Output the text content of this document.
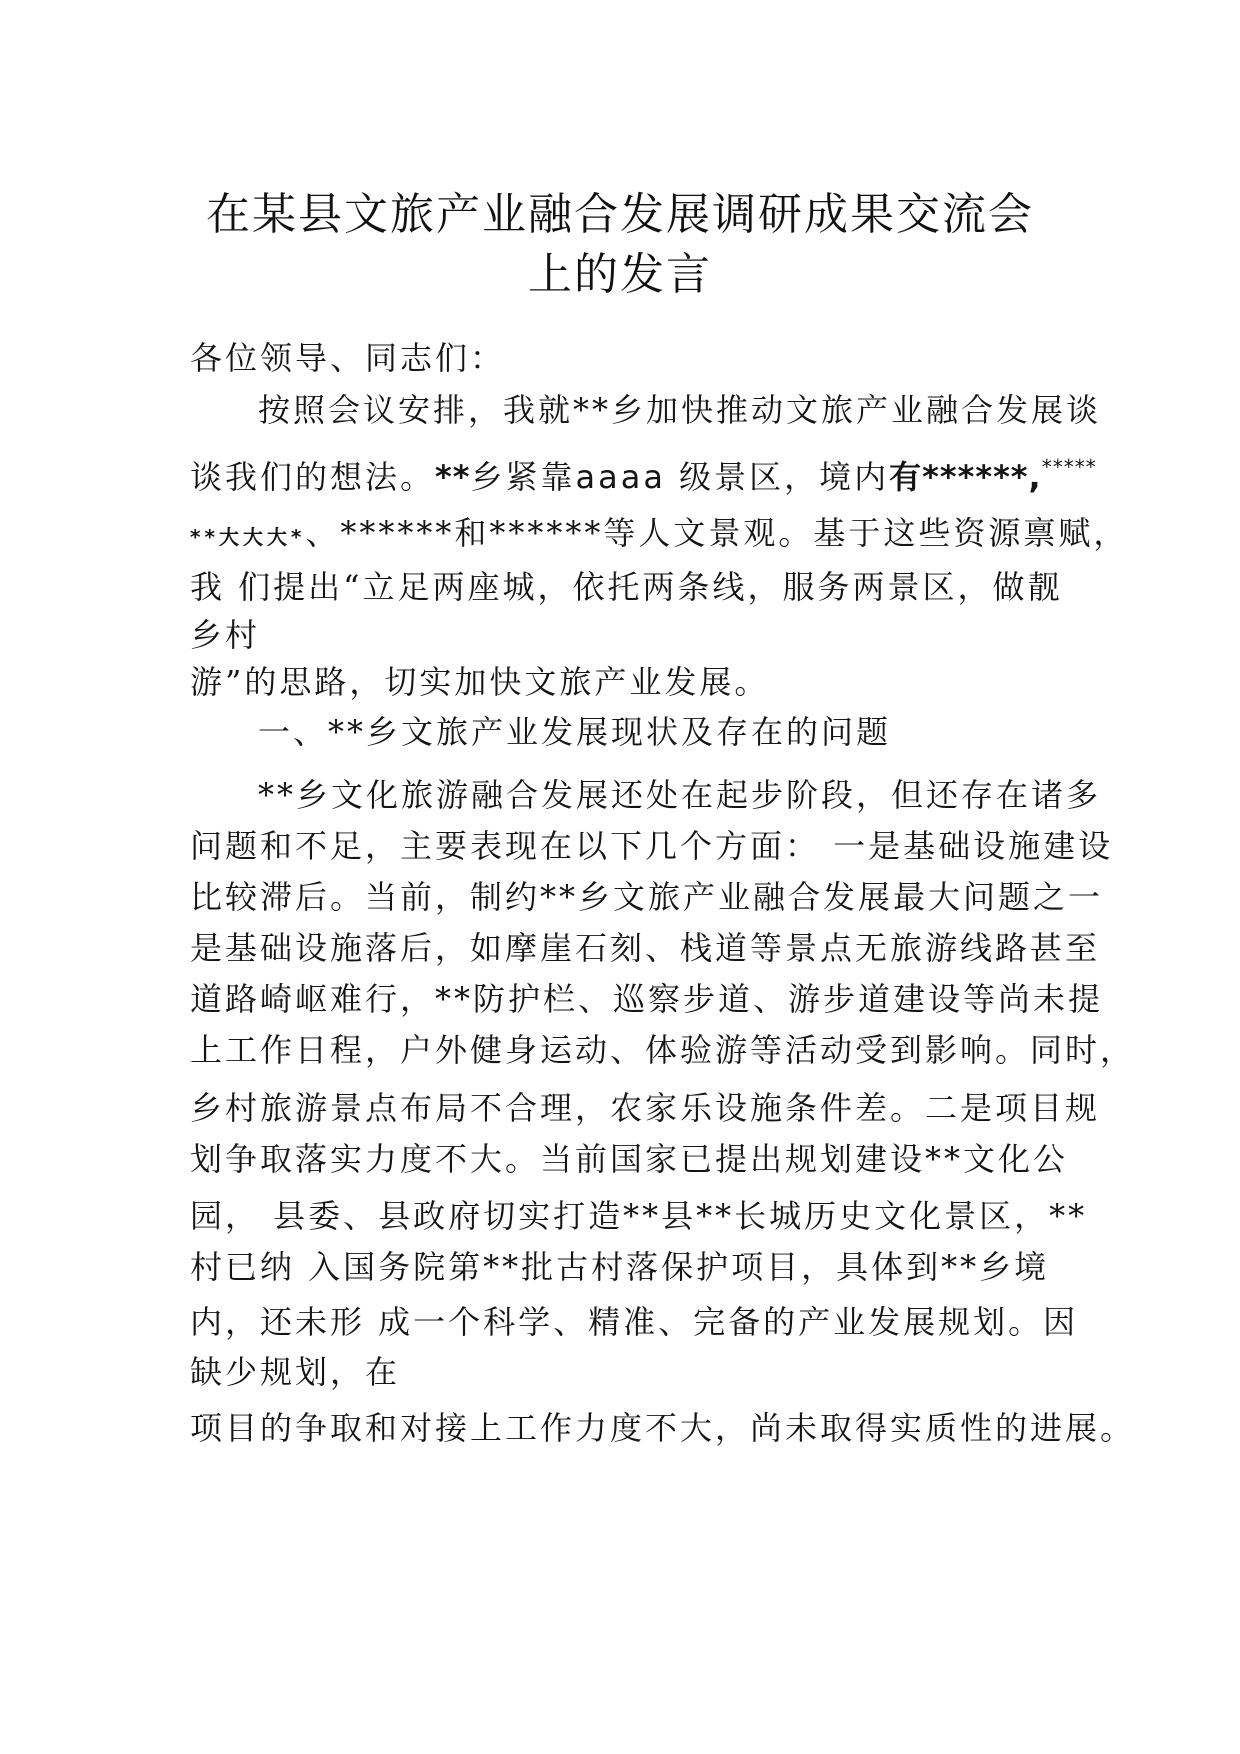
在某县文旅产业融合发展调研成果交流会
上的发言
各位领导、同志们：
按照会议安排，我就**乡加快推动文旅产业融合发展谈
谈我们的想法。**乡紧靠aaaa 级景区，境内有******,*****
**大大大*、******和******等人文景观。基于这些资源禀赋，
我 们提出“立足两座城，依托两条线，服务两景区，做靓
乡村
游”的思路，切实加快文旅产业发展。
一、**乡文旅产业发展现状及存在的问题
**乡文化旅游融合发展还处在起步阶段，但还存在诸多
问题和不足，主要表现在以下几个方面： 一是基础设施建设
比较滞后。当前，制约**乡文旅产业融合发展最大问题之一
是基础设施落后，如摩崖石刻、栈道等景点无旅游线路甚至
道路崎岖难行，**防护栏、巡察步道、游步道建设等尚未提
上工作日程，户外健身运动、体验游等活动受到影响。同时，
乡村旅游景点布局不合理，农家乐设施条件差。二是项目规
划争取落实力度不大。当前国家已提出规划建设**文化公
园， 县委、县政府切实打造**县**长城历史文化景区，**
村已纳 入国务院第**批古村落保护项目，具体到**乡境
内，还未形 成一个科学、精准、完备的产业发展规划。因
缺少规划，在
项目的争取和对接上工作力度不大，尚未取得实质性的进展。
